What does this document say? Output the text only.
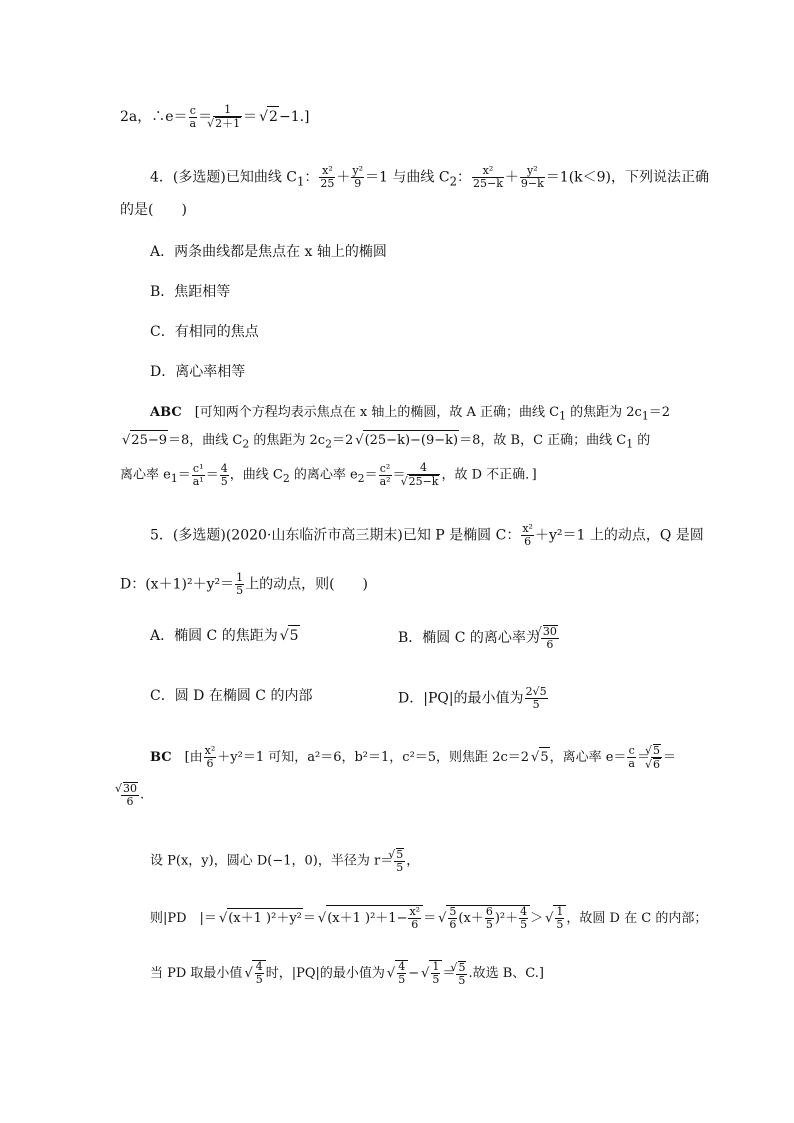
2a，∴e＝ $\frac{c}{a} = 1$
√ 2＋1 ＝√ 2−1.]
4．(多选题)已知曲线 $C_1$： $\frac{\text{x²}}{25} + \frac{\text{y²}}{9} =1$ 与曲线 $C_2$： $\frac{\text{x²}}{25-k} + \frac{\text{y²}}{9-k} =1(k<9)$，下列说法正确
的是(　　)
A．两条曲线都是焦点在 x 轴上的椭圆
B．焦距相等
C．有相同的焦点
D．离心率相等
ABC　 [可知两个方程均表示焦点在 x 轴上的椭圆，故 A 正确；曲线 $C_1$ 的焦距为 $2c_1=2$
√ 25−9＝8，曲线 $C_2$ 的焦距为 $2c_2=2√$ (25−k)−(9−k)＝8，故 B，C 正确；曲线 $C_1$ 的
离心率 $e_1= \frac{\text{c¹}}{\text{a¹}} = \frac{4}{5}$ ，曲线 $C_2$ 的离心率 $e_2= \frac{\text{c²}}{\text{a²}} = 4$
√ 25−k ，故 D 不正确．]
5．(多选题)(2020·山东临沂市高三期末)已知 P 是椭圆 C： $\frac{\text{x²}}{6} +y^2=1$ 上的动点，Q 是圆
D：$(x+1)^2+y^2= \frac{1}{5}$ 上的动点，则(　　)
A．椭圆 C 的焦距为√ 5	B．椭圆 C 的离心率为
√ $\frac{30}{6}$
C．圆 D 在椭圆 C 的内部	D．|PQ|的最小值为 $\frac{2√5}{5}$
BC　 [由 $\frac{\text{x²}}{6} +y^2=1$ 可知，a²＝6，b²＝1，c²＝5，则焦距 2c＝2√ 5，离心率 $e= \frac{c}{a}$ ＝
√ 5
√ 6 ＝
√ $\frac{30}{6}$ .
设 P(x，y)，圆心 D(−1，0)，半径为 r＝
√ $\frac{5}{5}$ ，
则|PD　|＝√ (x＋1 )²＋y²＝√ (x＋1 )$^2+1- \frac{\text{x²}}{6}$ ＝
√ $\frac{5}{6} (x+ \frac{6}{5} )^2+ \frac{4}{5}$ ＞
√ $\frac{1}{5}$ ，故圆 D 在 C 的内部；
当 PD 取最小值
√ $\frac{4}{5}$ 时，|PQ|的最小值为
√ $\frac{4}{5}$ −
√ $\frac{1}{5}$ ＝
√ $\frac{5}{5}$ .故选 B、C.]
